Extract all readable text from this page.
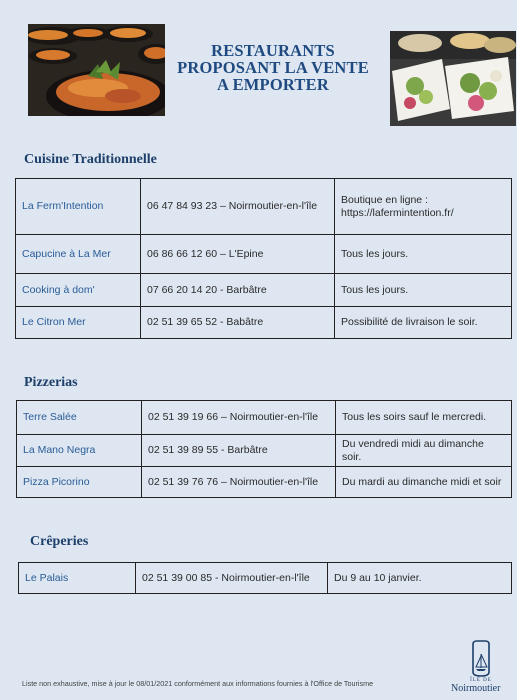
RESTAURANTS
PROPOSANT LA VENTE
A EMPORTER
Cuisine Traditionnelle
La Ferm'Intention	06 47 84 93 23 – Noirmoutier-en-l'île	Boutique en ligne : https://lafermintention.fr/
Capucine à La Mer	06 86 66 12 60 – L'Epine	Tous les jours.
Cooking à dom'	07 66 20 14 20 - Barbâtre	Tous les jours.
Le Citron Mer	02 51 39 65 52 - Babâtre	Possibilité de livraison le soir.
Pizzerias
Terre Salée	02 51 39 19 66 – Noirmoutier-en-l'île	Tous les soirs sauf le mercredi.
La Mano Negra	02 51 39 89 55 - Barbâtre	Du vendredi midi au dimanche soir.
Pizza Picorino	02 51 39 76 76 – Noirmoutier-en-l'île	Du mardi au dimanche midi et soir
Crêperies
Le Palais	02 51 39 00 85 - Noirmoutier-en-l'île	Du 9 au 10 janvier.
Liste non exhaustive, mise à jour le 08/01/2021 conformément aux informations fournies à l'Office de Tourisme	ÎLE DE
Noirmoutier
